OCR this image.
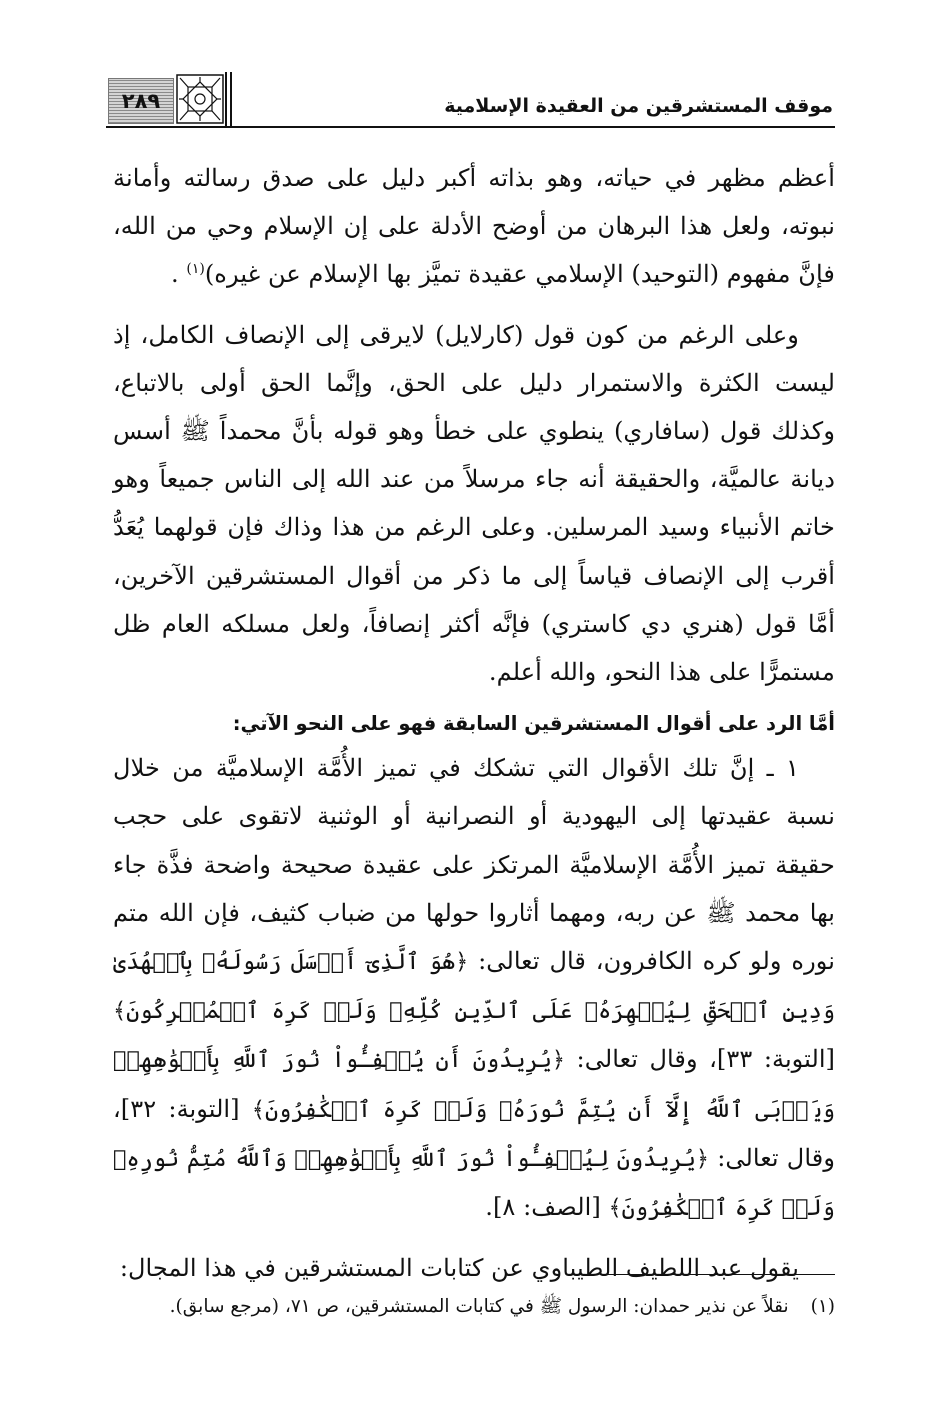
موقف المستشرقين من العقيدة الإسلامية
٢٨٩

أعظم مظهر في حياته، وهو بذاته أكبر دليل على صدق رسالته وأمانة نبوته، ولعل هذا البرهان من أوضح الأدلة على إن الإسلام وحي من الله، فإنَّ مفهوم (التوحيد) الإسلامي عقيدة تميَّز بها الإسلام عن غيره)$^{(١)}$ .

وعلى الرغم من كون قول (كارلايل) لايرقى إلى الإنصاف الكامل، إذ ليست الكثرة والاستمرار دليل على الحق، وإنَّما الحق أولى بالاتباع، وكذلك قول (سافاري) ينطوي على خطأ وهو قوله بأنَّ محمداً ﷺ أسس ديانة عالميَّة، والحقيقة أنه جاء مرسلاً من عند الله إلى الناس جميعاً وهو خاتم الأنبياء وسيد المرسلين. وعلى الرغم من هذا وذاك فإن قولهما يُعَدُّ أقرب إلى الإنصاف قياساً إلى ما ذكر من أقوال المستشرقين الآخرين، أمَّا قول (هنري دي كاستري) فإنَّه أكثر إنصافاً، ولعل مسلكه العام ظل مستمرًّا على هذا النحو، والله أعلم.

أمَّا الرد على أقوال المستشرقين السابقة فهو على النحو الآتي:

١ ـ إنَّ تلك الأقوال التي تشكك في تميز الأُمَّة الإسلاميَّة من خلال نسبة عقيدتها إلى اليهودية أو النصرانية أو الوثنية لاتقوى على حجب حقيقة تميز الأُمَّة الإسلاميَّة المرتكز على عقيدة صحيحة واضحة فذَّة جاء بها محمد ﷺ عن ربه، ومهما أثاروا حولها من ضباب كثيف، فإن الله متم نوره ولو كره الكافرون، قال تعالى: ﴿هُوَ ٱلَّذِىٓ أَرۡسَلَ رَسُولَهُۥ بِٱلۡهُدَىٰ وَدِينِ ٱلۡحَقِّ لِيُظۡهِرَهُۥ عَلَى ٱلدِّينِ كُلِّهِۦ وَلَوۡ كَرِهَ ٱلۡمُشۡرِكُونَ﴾ [التوبة: ٣٣]، وقال تعالى: ﴿يُرِيدُونَ أَن يُطۡفِـُٔواْ نُورَ ٱللَّهِ بِأَفۡوَٰهِهِمۡ وَيَأۡبَى ٱللَّهُ إِلَّآ أَن يُتِمَّ نُورَهُۥ وَلَوۡ كَرِهَ ٱلۡكَٰفِرُونَ﴾ [التوبة: ٣٢]، وقال تعالى: ﴿يُرِيدُونَ لِيُطۡفِـُٔواْ نُورَ ٱللَّهِ بِأَفۡوَٰهِهِمۡ وَٱللَّهُ مُتِمُّ نُورِهِۦ وَلَوۡ كَرِهَ ٱلۡكَٰفِرُونَ﴾ [الصف: ٨].

يقول عبد اللطيف الطيباوي عن كتابات المستشرقين في هذا المجال:

(١)نقلاً عن نذير حمدان: الرسول ﷺ في كتابات المستشرقين، ص ٧١، (مرجع سابق).
